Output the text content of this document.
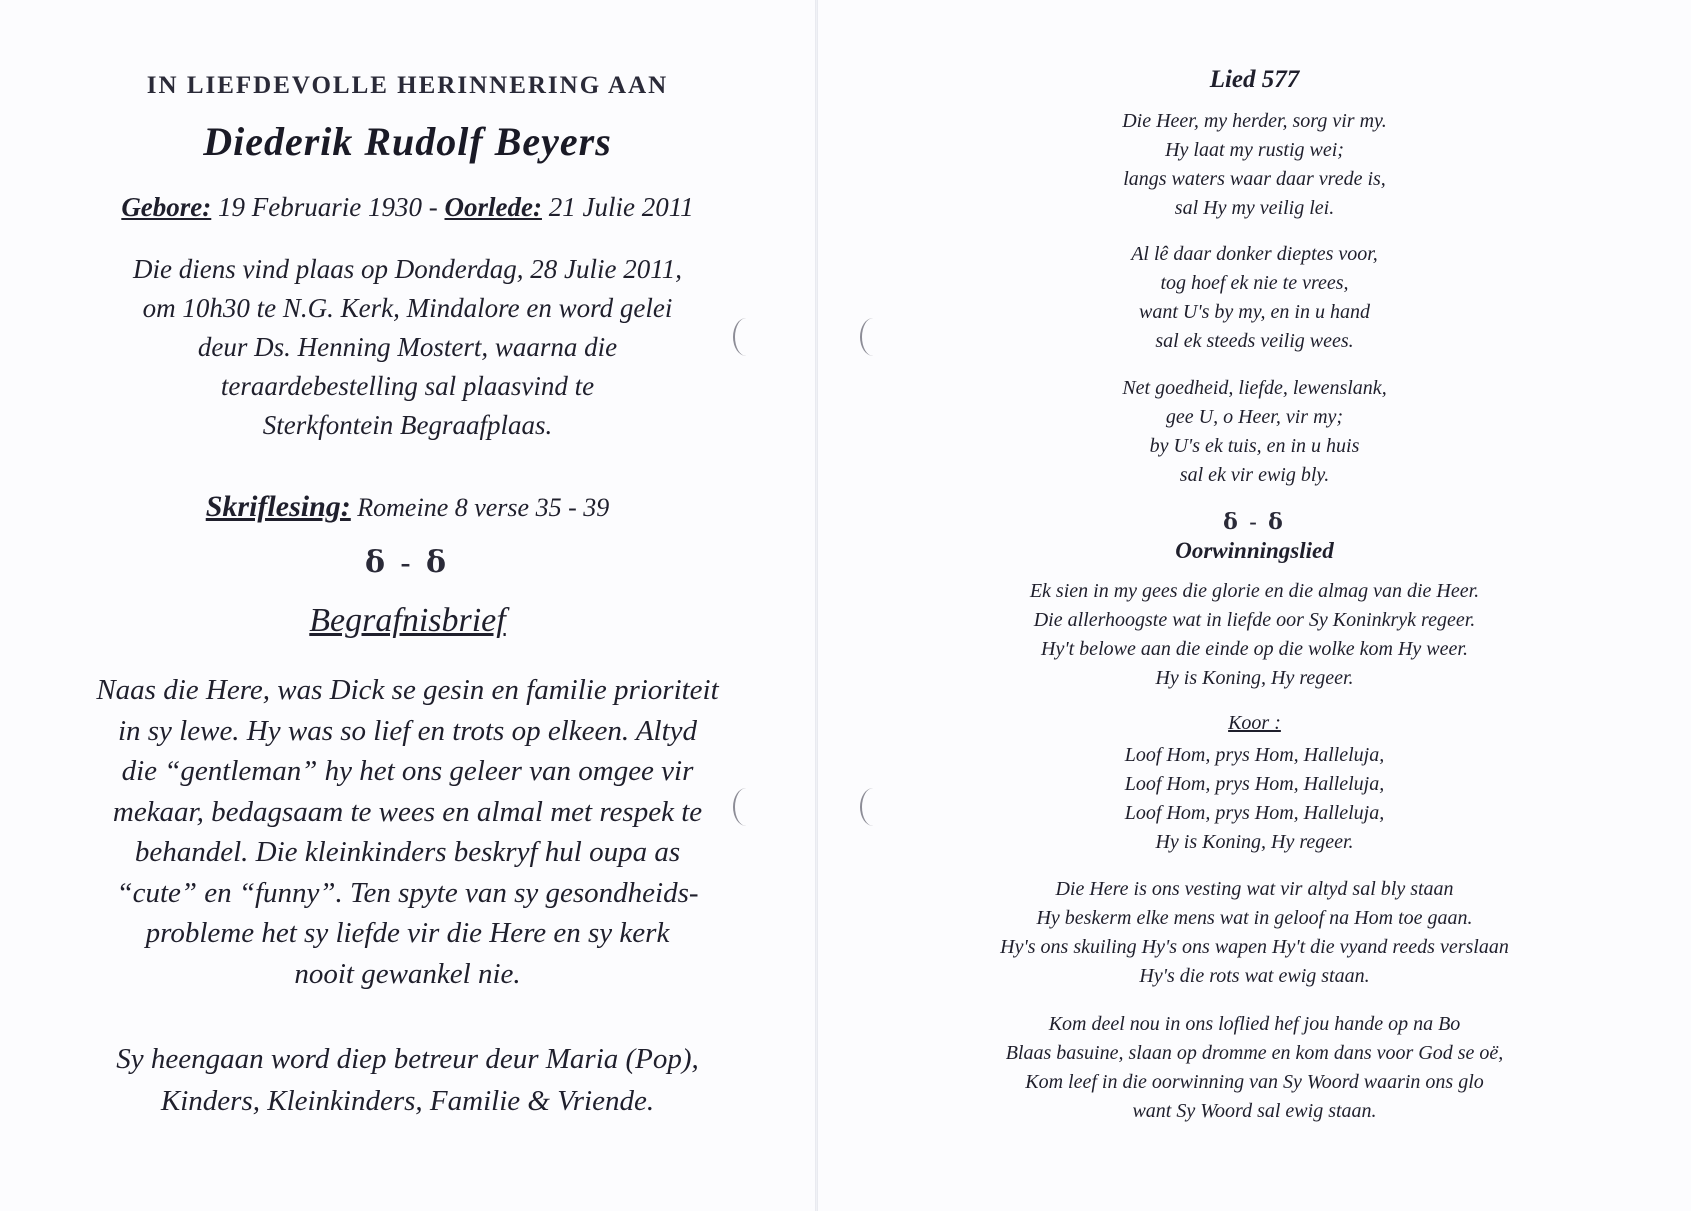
IN LIEFDEVOLLE HERINNERING AAN
Diederik Rudolf Beyers
Gebore: 19 Februarie 1930 - Oorlede: 21 Julie 2011

Die diens vind plaas op Donderdag, 28 Julie 2011,

om 10h30 te N.G. Kerk, Mindalore en word gelei

deur Ds. Henning Mostert, waarna die

teraardebestelling sal plaasvind te

Sterkfontein Begraafplaas.

Skriflesing: Romeine 8 verse 35 - 39
ẟ - ẟ
Begrafnisbrief

Naas die Here, was Dick se gesin en familie prioriteit

in sy lewe. Hy was so lief en trots op elkeen. Altyd

die “gentleman” hy het ons geleer van omgee vir

mekaar, bedagsaam te wees en almal met respek te

behandel. Die kleinkinders beskryf hul oupa as

“cute” en “funny”. Ten spyte van sy gesondheids-

probleme het sy liefde vir die Here en sy kerk

nooit gewankel nie.

Sy heengaan word diep betreur deur Maria (Pop),

Kinders, Kleinkinders, Familie & Vriende.

Lied 577

Die Heer, my herder, sorg vir my.

Hy laat my rustig wei;

langs waters waar daar vrede is,

sal Hy my veilig lei.

Al lê daar donker dieptes voor,

tog hoef ek nie te vrees,

want U's by my, en in u hand

sal ek steeds veilig wees.

Net goedheid, liefde, lewenslank,

gee U, o Heer, vir my;

by U's ek tuis, en in u huis

sal ek vir ewig bly.

ẟ - ẟ
Oorwinningslied

Ek sien in my gees die glorie en die almag van die Heer.

Die allerhoogste wat in liefde oor Sy Koninkryk regeer.

Hy't belowe aan die einde op die wolke kom Hy weer.

Hy is Koning, Hy regeer.

Koor :

Loof Hom, prys Hom, Halleluja,

Loof Hom, prys Hom, Halleluja,

Loof Hom, prys Hom, Halleluja,

Hy is Koning, Hy regeer.

Die Here is ons vesting wat vir altyd sal bly staan

Hy beskerm elke mens wat in geloof na Hom toe gaan.

Hy's ons skuiling Hy's ons wapen Hy't die vyand reeds verslaan

Hy's die rots wat ewig staan.

Kom deel nou in ons loflied hef jou hande op na Bo

Blaas basuine, slaan op dromme en kom dans voor God se oë,

Kom leef in die oorwinning van Sy Woord waarin ons glo

want Sy Woord sal ewig staan.
